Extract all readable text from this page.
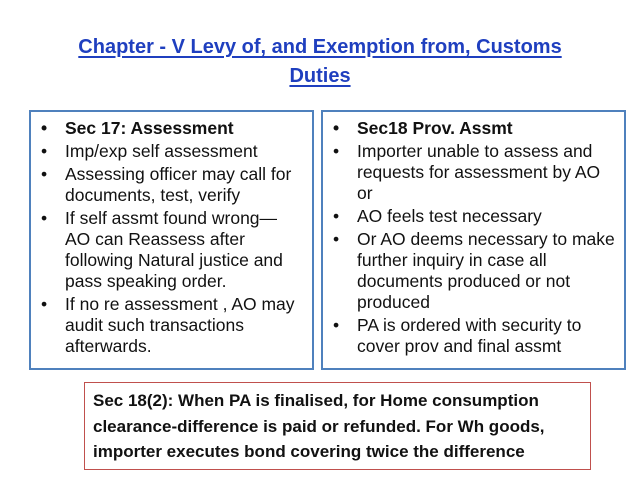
Chapter - V Levy of, and Exemption from, Customs
Duties
•	Sec 17: Assessment
•	Imp/exp self assessment
•	Assessing officer may call for documents, test, verify
•	If self assmt found wrong— AO can Reassess after following Natural justice and pass speaking order.
•	If no re assessment , AO may audit such transactions afterwards.
•	Sec18 Prov. Assmt
•	Importer unable to assess and requests for assessment by AO or
•	AO feels test necessary
•	Or AO deems necessary to make further inquiry in case all documents produced or not produced
•	PA is ordered with security to cover prov and final assmt
Sec 18(2): When PA is finalised, for Home consumption clearance-difference is paid or refunded. For Wh goods, importer executes bond covering twice the difference
